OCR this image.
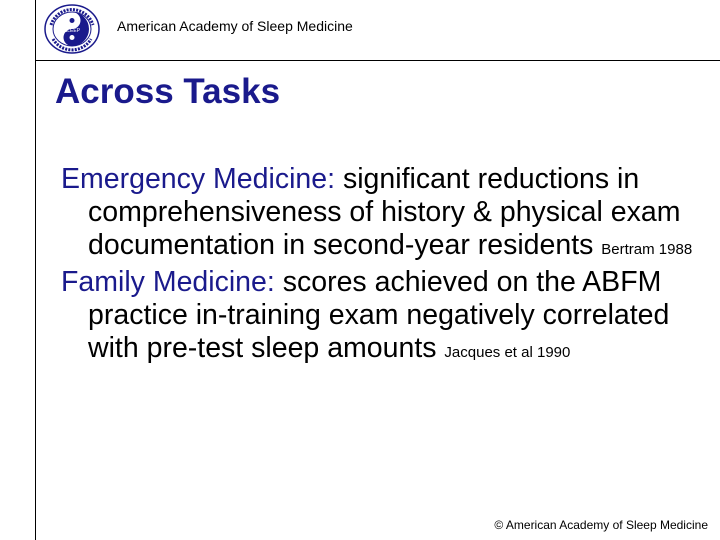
SLEEP	American Academy of Sleep Medicine
Across Tasks

Emergency Medicine: significant reductions in comprehensiveness of history & physical exam documentation in second-year residents Bertram 1988

Family Medicine: scores achieved on the ABFM practice in-training exam negatively correlated with pre-test sleep amounts Jacques et al 1990

© American Academy of Sleep Medicine
